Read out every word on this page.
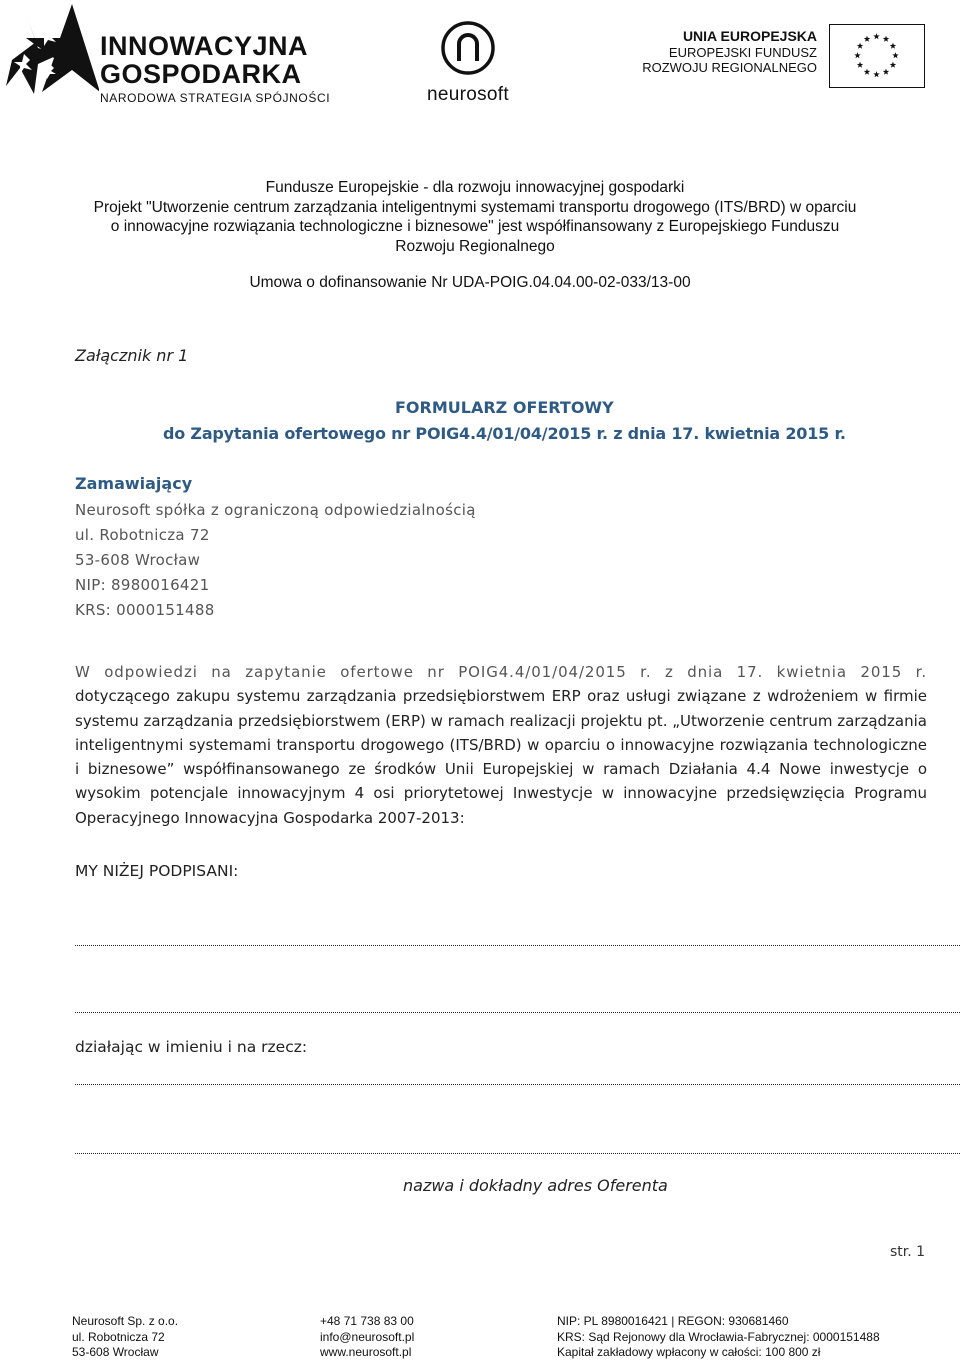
INNOWACYJNA
GOSPODARKA
NARODOWA STRATEGIA SPÓJNOŚCI	neurosoft
UNIA EUROPEJSKA
EUROPEJSKI FUNDUSZ
ROZWOJU REGIONALNEGO
Fundusze Europejskie - dla rozwoju innowacyjnej gospodarki
Projekt "Utworzenie centrum zarządzania inteligentnymi systemami transportu drogowego (ITS/BRD) w oparciu
o innowacyjne rozwiązania technologiczne i biznesowe" jest współfinansowany z Europejskiego Funduszu
Rozwoju Regionalnego
Umowa o dofinansowanie Nr UDA-POIG.04.04.00-02-033/13-00
Załącznik nr 1
FORMULARZ OFERTOWY
do Zapytania ofertowego nr POIG4.4/01/04/2015 r. z dnia 17. kwietnia 2015 r.
Zamawiający
Neurosoft spółka z ograniczoną odpowiedzialnością
ul. Robotnicza 72
53-608 Wrocław
NIP: 8980016421
KRS: 0000151488
W odpowiedzi na zapytanie ofertowe nr POIG4.4/01/04/2015 r. z dnia 17. kwietnia 2015 r.
dotyczącego zakupu systemu zarządzania przedsiębiorstwem ERP oraz usługi związane z wdrożeniem w firmie systemu zarządzania przedsiębiorstwem (ERP) w ramach realizacji projektu pt. „Utworzenie centrum zarządzania inteligentnymi systemami transportu drogowego (ITS/BRD) w oparciu o innowacyjne rozwiązania technologiczne i biznesowe” współfinansowanego ze środków Unii Europejskiej w ramach Działania 4.4 Nowe inwestycje o wysokim potencjale innowacyjnym 4 osi priorytetowej Inwestycje w innowacyjne przedsięwzięcia Programu Operacyjnego Innowacyjna Gospodarka 2007-2013:
MY NIŻEJ PODPISANI:
działając w imieniu i na rzecz:
nazwa i dokładny adres Oferenta
str. 1
Neurosoft Sp. z o.o.
ul. Robotnicza 72
53-608 Wrocław
+48 71 738 83 00
info@neurosoft.pl
www.neurosoft.pl
NIP: PL 8980016421 | REGON: 930681460
KRS: Sąd Rejonowy dla Wrocławia-Fabrycznej: 0000151488
Kapitał zakładowy wpłacony w całości: 100 800 zł
